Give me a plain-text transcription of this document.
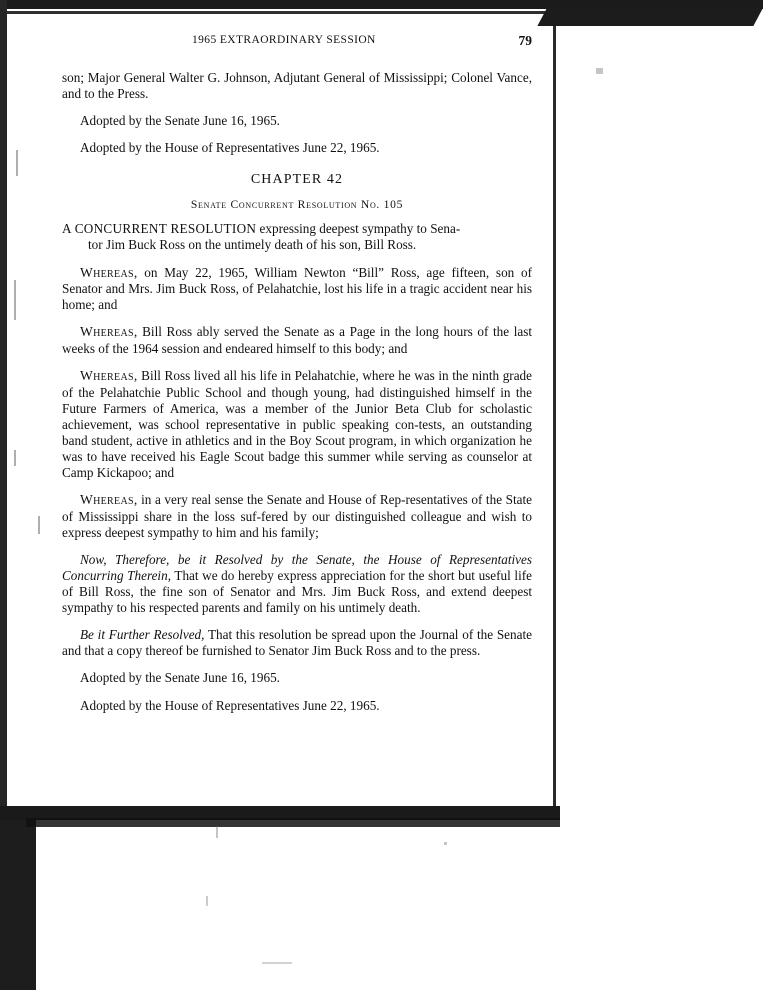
1965 EXTRAORDINARY SESSION	79

son; Major General Walter G. Johnson, Adjutant General of Mississippi; Colonel Vance, and to the Press.

Adopted by the Senate June 16, 1965.

Adopted by the House of Representatives June 22, 1965.

CHAPTER 42
Senate Concurrent Resolution No. 105
A CONCURRENT RESOLUTION expressing deepest sympathy to Sena-
tor Jim Buck Ross on the untimely death of his son, Bill Ross.

Whereas, on May 22, 1965, William Newton “Bill” Ross, age fifteen, son of Senator and Mrs. Jim Buck Ross, of Pelahatchie, lost his life in a tragic accident near his home; and

Whereas, Bill Ross ably served the Senate as a Page in the long hours of the last weeks of the 1964 session and endeared himself to this body; and

Whereas, Bill Ross lived all his life in Pelahatchie, where he was in the ninth grade of the Pelahatchie Public School and though young, had distinguished himself in the Future Farmers of America, was a member of the Junior Beta Club for scholastic achievement, was school representative in public speaking con-tests, an outstanding band student, active in athletics and in the Boy Scout program, in which organization he was to have received his Eagle Scout badge this summer while serving as counselor at Camp Kickapoo; and

Whereas, in a very real sense the Senate and House of Rep-resentatives of the State of Mississippi share in the loss suf-fered by our distinguished colleague and wish to express deepest sympathy to him and his family;

Now, Therefore, be it Resolved by the Senate, the House of Representatives Concurring Therein, That we do hereby express appreciation for the short but useful life of Bill Ross, the fine son of Senator and Mrs. Jim Buck Ross, and extend deepest sympathy to his respected parents and family on his untimely death.

Be it Further Resolved, That this resolution be spread upon the Journal of the Senate and that a copy thereof be furnished to Senator Jim Buck Ross and to the press.

Adopted by the Senate June 16, 1965.

Adopted by the House of Representatives June 22, 1965.
